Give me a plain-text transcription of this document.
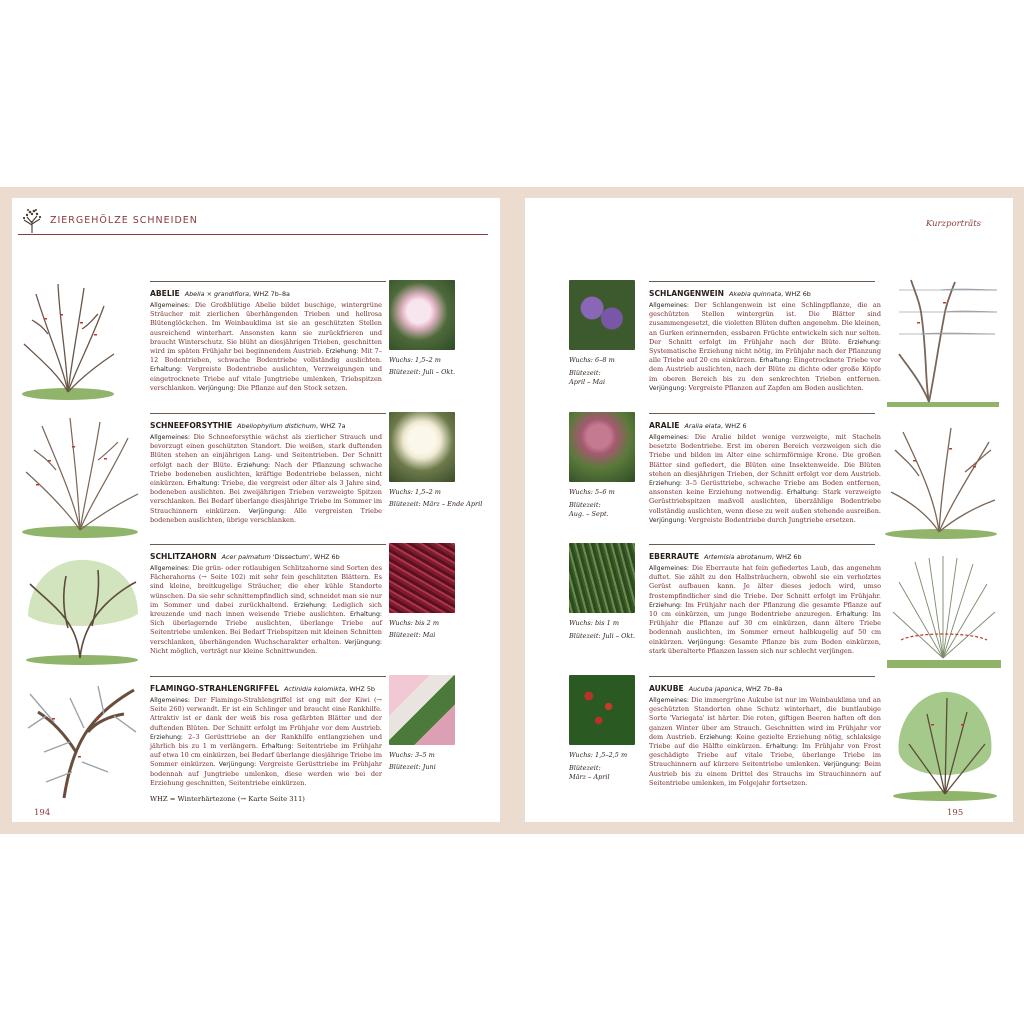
ZIERGEHÖLZE SCHNEIDEN
ABELIE Abelia × grandiflora, WHZ 7b–8a
Allgemeines: Die Großblütige Abelie bildet buschige, wintergrüne Sträucher mit zierlichen überhängenden Trieben und hellrosa Blütenglöckchen. Im Weinbauklima ist sie an geschützten Stellen ausreichend winterhart. Ansonsten kann sie zurückfrieren und braucht Winterschutz. Sie blüht an diesjährigen Trieben, geschnitten wird im späten Frühjahr bei beginnendem Austrieb. Erziehung: Mit 7–12 Bodentrieben, schwache Bodentriebe vollständig auslichten. Erhaltung: Vergreiste Bodentriebe auslichten, Verzweigungen und eingetrocknete Triebe auf vitale Jungtriebe umlenken, Triebspitzen verschlanken. Verjüngung: Die Pflanze auf den Stock setzen.
Wuchs: 1,5–2 m
Blütezeit: Juli – Okt.
SCHNEEFORSYTHIE Abeliophyllum distichum, WHZ 7a
Allgemeines: Die Schneeforsythie wächst als zierlicher Strauch und bevorzugt einen geschützten Standort. Die weißen, stark duftenden Blüten stehen an einjährigen Lang- und Seitentrieben. Der Schnitt erfolgt nach der Blüte. Erziehung: Nach der Pflanzung schwache Triebe bodeneben auslichten, kräftige Bodentriebe belassen, nicht einkürzen. Erhaltung: Triebe, die vergreist oder älter als 3 Jahre sind, bodeneben auslichten. Bei zweijährigen Trieben verzweigte Spitzen verschlanken. Bei Bedarf überlange diesjährige Triebe im Sommer im Strauchinnern einkürzen. Verjüngung: Alle vergreisten Triebe bodeneben auslichten, übrige verschlanken.
Wuchs: 1,5–2 m
Blütezeit: März – Ende April
SCHLITZAHORN Acer palmatum 'Dissectum', WHZ 6b
Allgemeines: Die grün- oder rotlaubigen Schlitzahorne sind Sorten des Fächerahorns (→ Seite 102) mit sehr fein geschlitzten Blättern. Es sind kleine, breitkugelige Sträucher, die eher kühle Standorte wünschen. Da sie sehr schnittempfindlich sind, schneidet man sie nur im Sommer und dabei zurückhaltend. Erziehung: Lediglich sich kreuzende und nach innen weisende Triebe auslichten. Erhaltung: Sich überlagernde Triebe auslichten, überlange Triebe auf Seitentriebe umlenken. Bei Bedarf Triebspitzen mit kleinen Schnitten verschlanken, überhängenden Wuchscharakter erhalten. Verjüngung: Nicht möglich, verträgt nur kleine Schnittwunden.
Wuchs: bis 2 m
Blütezeit: Mai
FLAMINGO-STRAHLENGRIFFEL Actinidia kolomikta, WHZ 5b
Allgemeines: Der Flamingo-Strahlengriffel ist eng mit der Kiwi (→ Seite 260) verwandt. Er ist ein Schlinger und braucht eine Rankhilfe. Attraktiv ist er dank der weiß bis rosa gefärbten Blätter und der duftenden Blüten. Der Schnitt erfolgt im Frühjahr vor dem Austrieb. Erziehung: 2–3 Gerüsttriebe an der Rankhilfe entlangziehen und jährlich bis zu 1 m verlängern. Erhaltung: Seitentriebe im Frühjahr auf etwa 10 cm einkürzen, bei Bedarf überlange diesjährige Triebe im Sommer einkürzen. Verjüngung: Vergreiste Gerüsttriebe im Frühjahr bodennah auf Jungtriebe umlenken, diese werden wie bei der Erziehung geschnitten, Seitentriebe einkürzen.
Wuchs: 3–5 m
Blütezeit: Juni
WHZ = Winterhärtezone (→ Karte Seite 311)
194
Kurzporträts
Wuchs: 6–8 m
Blütezeit:
April – Mai
SCHLANGENWEIN Akebia quinnata, WHZ 6b
Allgemeines: Der Schlangenwein ist eine Schlingpflanze, die an geschützten Stellen wintergrün ist. Die Blätter sind zusammengesetzt, die violetten Blüten duften angenehm. Die kleinen, an Gurken erinnernden, essbaren Früchte entwickeln sich nur selten. Der Schnitt erfolgt im Frühjahr nach der Blüte. Erziehung: Systematische Erziehung nicht nötig, im Frühjahr nach der Pflanzung alle Triebe auf 20 cm einkürzen. Erhaltung: Eingetrocknete Triebe vor dem Austrieb auslichten, nach der Blüte zu dichte oder große Köpfe im oberen Bereich bis zu den senkrechten Trieben entfernen. Verjüngung: Vergreiste Pflanzen auf Zapfen am Boden auslichten.
Wuchs: 5–6 m
Blütezeit:
Aug. – Sept.
ARALIE Aralia elata, WHZ 6
Allgemeines: Die Aralie bildet wenige verzweigte, mit Stacheln besetzte Bodentriebe. Erst im oberen Bereich verzweigen sich die Triebe und bilden im Alter eine schirmförmige Krone. Die großen Blätter sind gefiedert, die Blüten eine Insektenweide. Die Blüten stehen an diesjährigen Trieben, der Schnitt erfolgt vor dem Austrieb. Erziehung: 3–5 Gerüsttriebe, schwache Triebe am Boden entfernen, ansonsten keine Erziehung notwendig. Erhaltung: Stark verzweigte Gerüsttriebspitzen maßvoll auslichten, überzählige Bodentriebe vollständig auslichten, wenn diese zu weit außen stehende ausreißen. Verjüngung: Vergreiste Bodentriebe durch Jungtriebe ersetzen.
Wuchs: bis 1 m
Blütezeit: Juli – Okt.
EBERRAUTE Artemisia abrotanum, WHZ 6b
Allgemeines: Die Eberraute hat fein gefiedertes Laub, das angenehm duftet. Sie zählt zu den Halbsträuchern, obwohl sie ein verholztes Gerüst aufbauen kann. Je älter dieses jedoch wird, umso frostempfindlicher sind die Triebe. Der Schnitt erfolgt im Frühjahr. Erziehung: Im Frühjahr nach der Pflanzung die gesamte Pflanze auf 10 cm einkürzen, um junge Bodentriebe anzuregen. Erhaltung: Im Frühjahr die Pflanze auf 30 cm einkürzen, dann ältere Triebe bodennah auslichten, im Sommer erneut halbkugelig auf 50 cm einkürzen. Verjüngung: Gesamte Pflanze bis zum Boden einkürzen, stark überalterte Pflanzen lassen sich nur schlecht verjüngen.
Wuchs: 1,5–2,5 m
Blütezeit:
März – April
AUKUBE Aucuba japonica, WHZ 7b–8a
Allgemeines: Die immergrüne Aukube ist nur im Weinbauklima und an geschützten Standorten ohne Schutz winterhart, die buntlaubige Sorte 'Variegata' ist härter. Die roten, giftigen Beeren haften oft den ganzen Winter über am Strauch. Geschnitten wird im Frühjahr vor dem Austrieb. Erziehung: Keine gezielte Erziehung nötig, schlaksige Triebe auf die Hälfte einkürzen. Erhaltung: Im Frühjahr von Frost geschädigte Triebe auf vitale Triebe, überlange Triebe im Strauchinnern auf kürzere Seitentriebe umlenken. Verjüngung: Beim Austrieb bis zu einem Drittel des Strauchs im Strauchinnern auf Seitentriebe umlenken, im Folgejahr fortsetzen.
195
